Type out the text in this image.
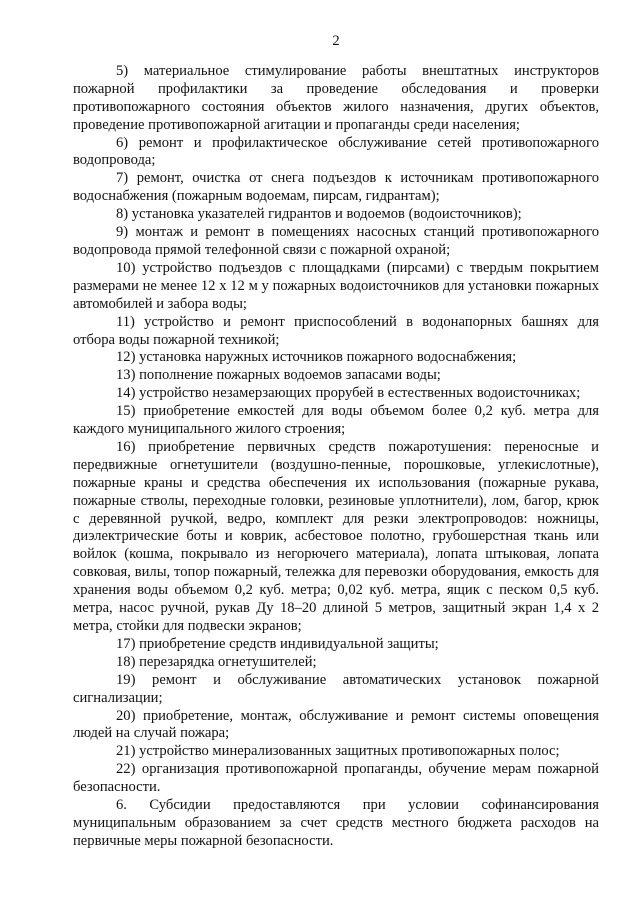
2

5) материальное стимулирование работы внештатных инструкторов пожарной профилактики за проведение обследования и проверки противопожарного состояния объектов жилого назначения, других объектов, проведение противопожарной агитации и пропаганды среди населения;

6) ремонт и профилактическое обслуживание сетей противопожарного водопровода;

7) ремонт, очистка от снега подъездов к источникам противопожарного водоснабжения (пожарным водоемам, пирсам, гидрантам);

8) установка указателей гидрантов и водоемов (водоисточников);

9) монтаж и ремонт в помещениях насосных станций противопожарного водопровода прямой телефонной связи с пожарной охраной;

10) устройство подъездов с площадками (пирсами) с твердым покрытием размерами не менее 12 х 12 м у пожарных водоисточников для установки пожарных автомобилей и забора воды;

11) устройство и ремонт приспособлений в водонапорных башнях для отбора воды пожарной техникой;

12) установка наружных источников пожарного водоснабжения;

13) пополнение пожарных водоемов запасами воды;

14) устройство незамерзающих прорубей в естественных водоисточниках;

15) приобретение емкостей для воды объемом более 0,2 куб. метра для каждого муниципального жилого строения;

16) приобретение первичных средств пожаротушения: переносные и передвижные огнетушители (воздушно-пенные, порошковые, углекислотные), пожарные краны и средства обеспечения их использования (пожарные рукава, пожарные стволы, переходные головки, резиновые уплотнители), лом, багор, крюк с деревянной ручкой, ведро, комплект для резки электропроводов: ножницы, диэлектрические боты и коврик, асбестовое полотно, грубошерстная ткань или войлок (кошма, покрывало из негорючего материала), лопата штыковая, лопата совковая, вилы, топор пожарный, тележка для перевозки оборудования, емкость для хранения воды объемом 0,2 куб. метра; 0,02 куб. метра, ящик с песком 0,5 куб. метра, насос ручной, рукав Ду 18–20 длиной 5 метров, защитный экран 1,4 х 2 метра, стойки для подвески экранов;

17) приобретение средств индивидуальной защиты;

18) перезарядка огнетушителей;

19) ремонт и обслуживание автоматических установок пожарной сигнализации;

20) приобретение, монтаж, обслуживание и ремонт системы оповещения людей на случай пожара;

21) устройство минерализованных защитных противопожарных полос;

22) организация противопожарной пропаганды, обучение мерам пожарной безопасности.

6. Субсидии предоставляются при условии софинансирования муниципальным образованием за счет средств местного бюджета расходов на первичные меры пожарной безопасности.
